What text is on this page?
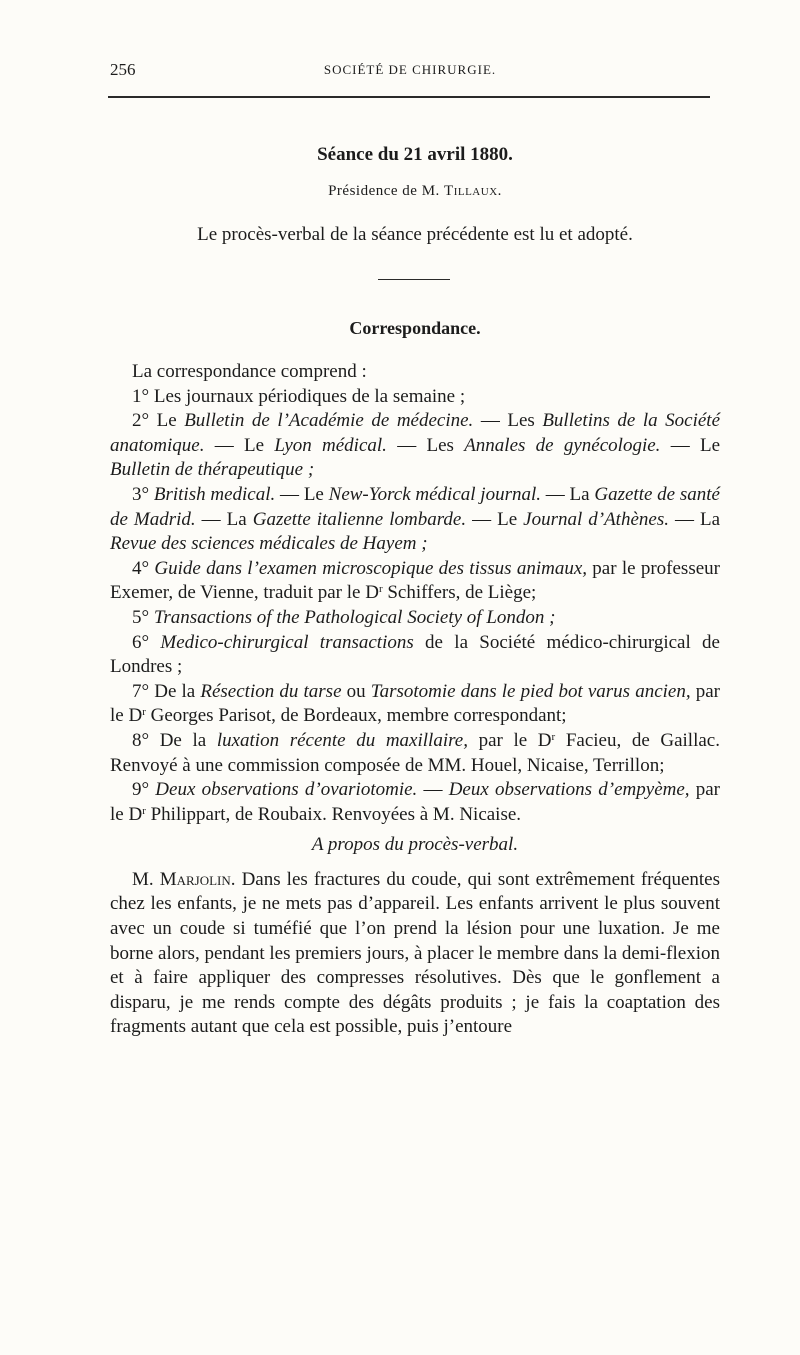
256	SOCIÉTÉ DE CHIRURGIE.
Séance du 21 avril 1880.
Présidence de M. Tillaux.
Le procès-verbal de la séance précédente est lu et adopté.
Correspondance.

La correspondance comprend :

1° Les journaux périodiques de la semaine ;

2° Le Bulletin de l’Académie de médecine. — Les Bulletins de la Société anatomique. — Le Lyon médical. — Les Annales de gynécologie. — Le Bulletin de thérapeutique ;

3° British medical. — Le New-Yorck médical journal. — La Gazette de santé de Madrid. — La Gazette italienne lombarde. — Le Journal d’Athènes. — La Revue des sciences médicales de Hayem ;

4° Guide dans l’examen microscopique des tissus animaux, par le professeur Exemer, de Vienne, traduit par le $D^r$ Schiffers, de Liège;

5° Transactions of the Pathological Society of London ;

6° Medico-chirurgical transactions de la Société médico-chirurgical de Londres ;

7° De la Résection du tarse ou Tarsotomie dans le pied bot varus ancien, par le $D^r$ Georges Parisot, de Bordeaux, membre correspondant;

8° De la luxation récente du maxillaire, par le $D^r$ Facieu, de Gaillac. Renvoyé à une commission composée de MM. Houel, Nicaise, Terrillon;

9° Deux observations d’ovariotomie. — Deux observations d’empyème, par le $D^r$ Philippart, de Roubaix. Renvoyées à M. Nicaise.

A propos du procès-verbal.

M. Marjolin. Dans les fractures du coude, qui sont extrêmement fréquentes chez les enfants, je ne mets pas d’appareil. Les enfants arrivent le plus souvent avec un coude si tuméfié que l’on prend la lésion pour une luxation. Je me borne alors, pendant les premiers jours, à placer le membre dans la demi-flexion et à faire appliquer des compresses résolutives. Dès que le gonflement a disparu, je me rends compte des dégâts produits ; je fais la coaptation des fragments autant que cela est possible, puis j’entoure
